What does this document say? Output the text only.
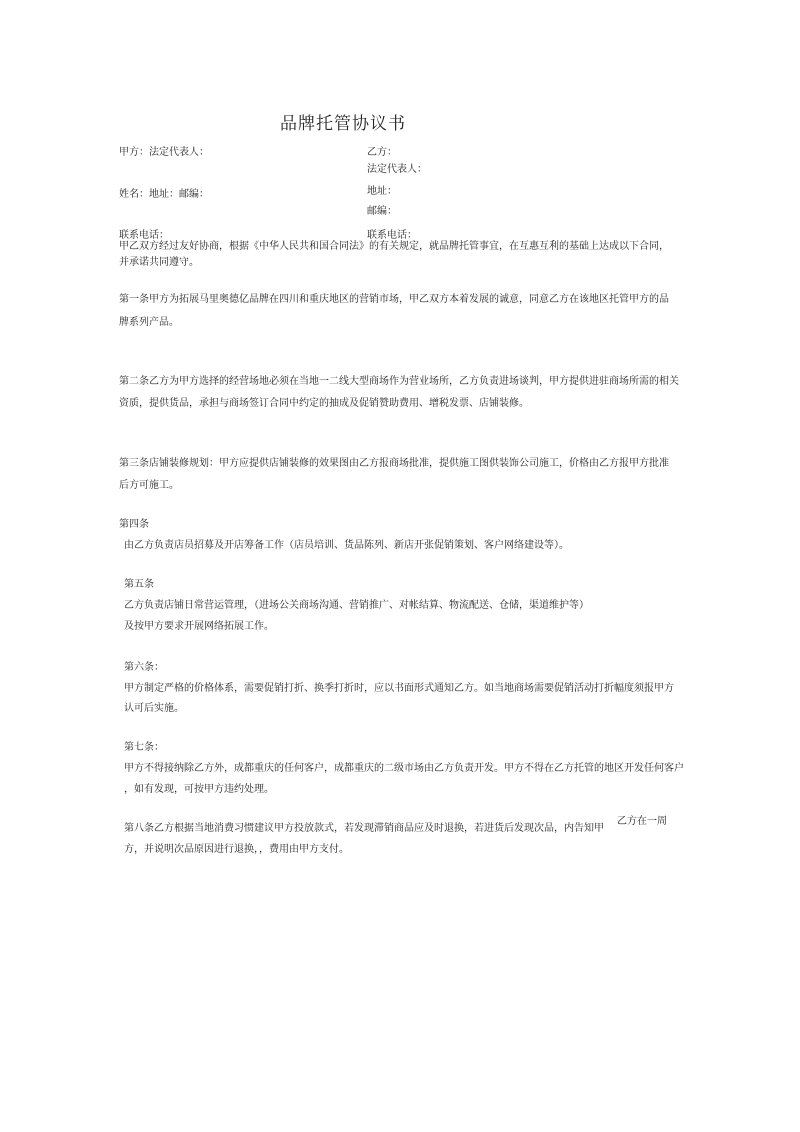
品牌托管协议书
甲方：法定代表人：
姓名：地址：邮编：
联系电话：
乙方：
法定代表人：
地址：
邮编：
联系电话：
甲乙双方经过友好协商，根据《中华人民共和国合同法》的有关规定，就品牌托管事宜，在互惠互利的基础上达成以下合同，
并承诺共同遵守。
第一条甲方为拓展马里奥德亿品牌在四川和重庆地区的营销市场，甲乙双方本着发展的诚意，同意乙方在该地区托管甲方的品
牌系列产品。
第二条乙方为甲方选择的经营场地必须在当地一二线大型商场作为营业场所，乙方负责进场谈判，甲方提供进驻商场所需的相关
资质，提供货品，承担与商场签订合同中约定的抽成及促销赞助费用、增税发票、店铺装修。
第三条店铺装修规划：甲方应提供店铺装修的效果图由乙方报商场批准，提供施工图供装饰公司施工，价格由乙方报甲方批准
后方可施工。
第四条
由乙方负责店员招募及开店筹备工作（店员培训、货品陈列、新店开张促销策划、客户网络建设等）。
第五条
乙方负责店铺日常营运管理，（进场公关商场沟通、营销推广、对帐结算、物流配送、仓储，渠道维护等）
及按甲方要求开展网络拓展工作。
第六条：
甲方制定严格的价格体系，需要促销打折、换季打折时，应以书面形式通知乙方。如当地商场需要促销活动打折幅度须报甲方
认可后实施。
第七条：
甲方不得接纳除乙方外，成都重庆的任何客户，成都重庆的二级市场由乙方负责开发。甲方不得在乙方托管的地区开发任何客户
，如有发现，可按甲方违约处理。
第八条乙方根据当地消费习惯建议甲方投放款式，若发现滞销商品应及时退换，若进货后发现次品，内告知甲
乙方在一周
方，并说明次品原因进行退换，，费用由甲方支付。
